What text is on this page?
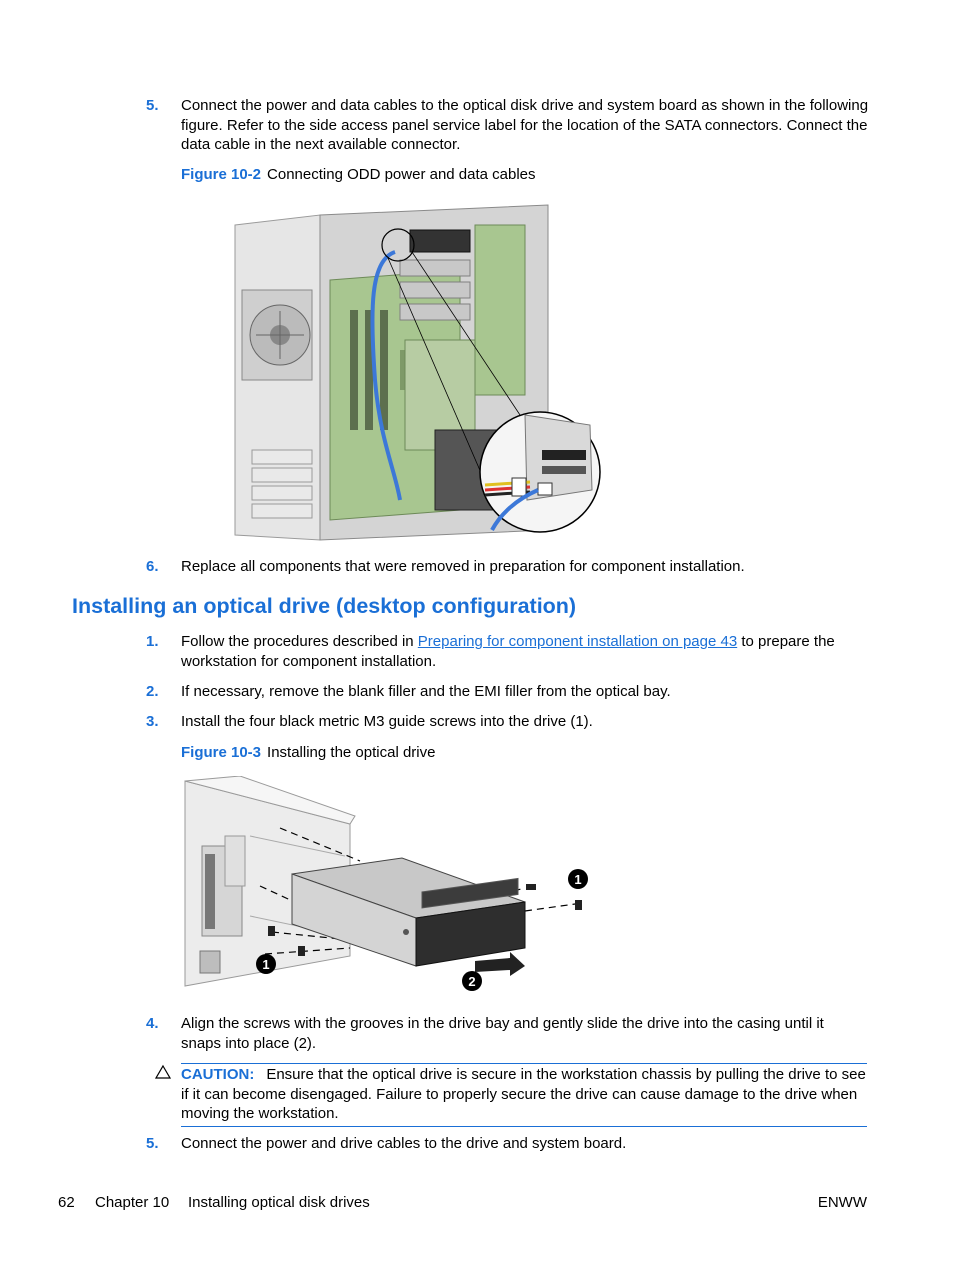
5. Connect the power and data cables to the optical disk drive and system board as shown in the following figure. Refer to the side access panel service label for the location of the SATA connectors. Connect the data cable in the next available connector.
Figure 10-2 Connecting ODD power and data cables
6. Replace all components that were removed in preparation for component installation.
Installing an optical drive (desktop configuration)
1. Follow the procedures described in Preparing for component installation on page 43 to prepare the workstation for component installation.
2. If necessary, remove the blank filler and the EMI filler from the optical bay.
3. Install the four black metric M3 guide screws into the drive (1).
Figure 10-3 Installing the optical drive
1
1
2
4. Align the screws with the grooves in the drive bay and gently slide the drive into the casing until it snaps into place (2).
CAUTION: Ensure that the optical drive is secure in the workstation chassis by pulling the drive to see if it can become disengaged. Failure to properly secure the drive can cause damage to the drive when moving the workstation.
5. Connect the power and drive cables to the drive and system board.
62 Chapter 10 Installing optical disk drives	ENWW
